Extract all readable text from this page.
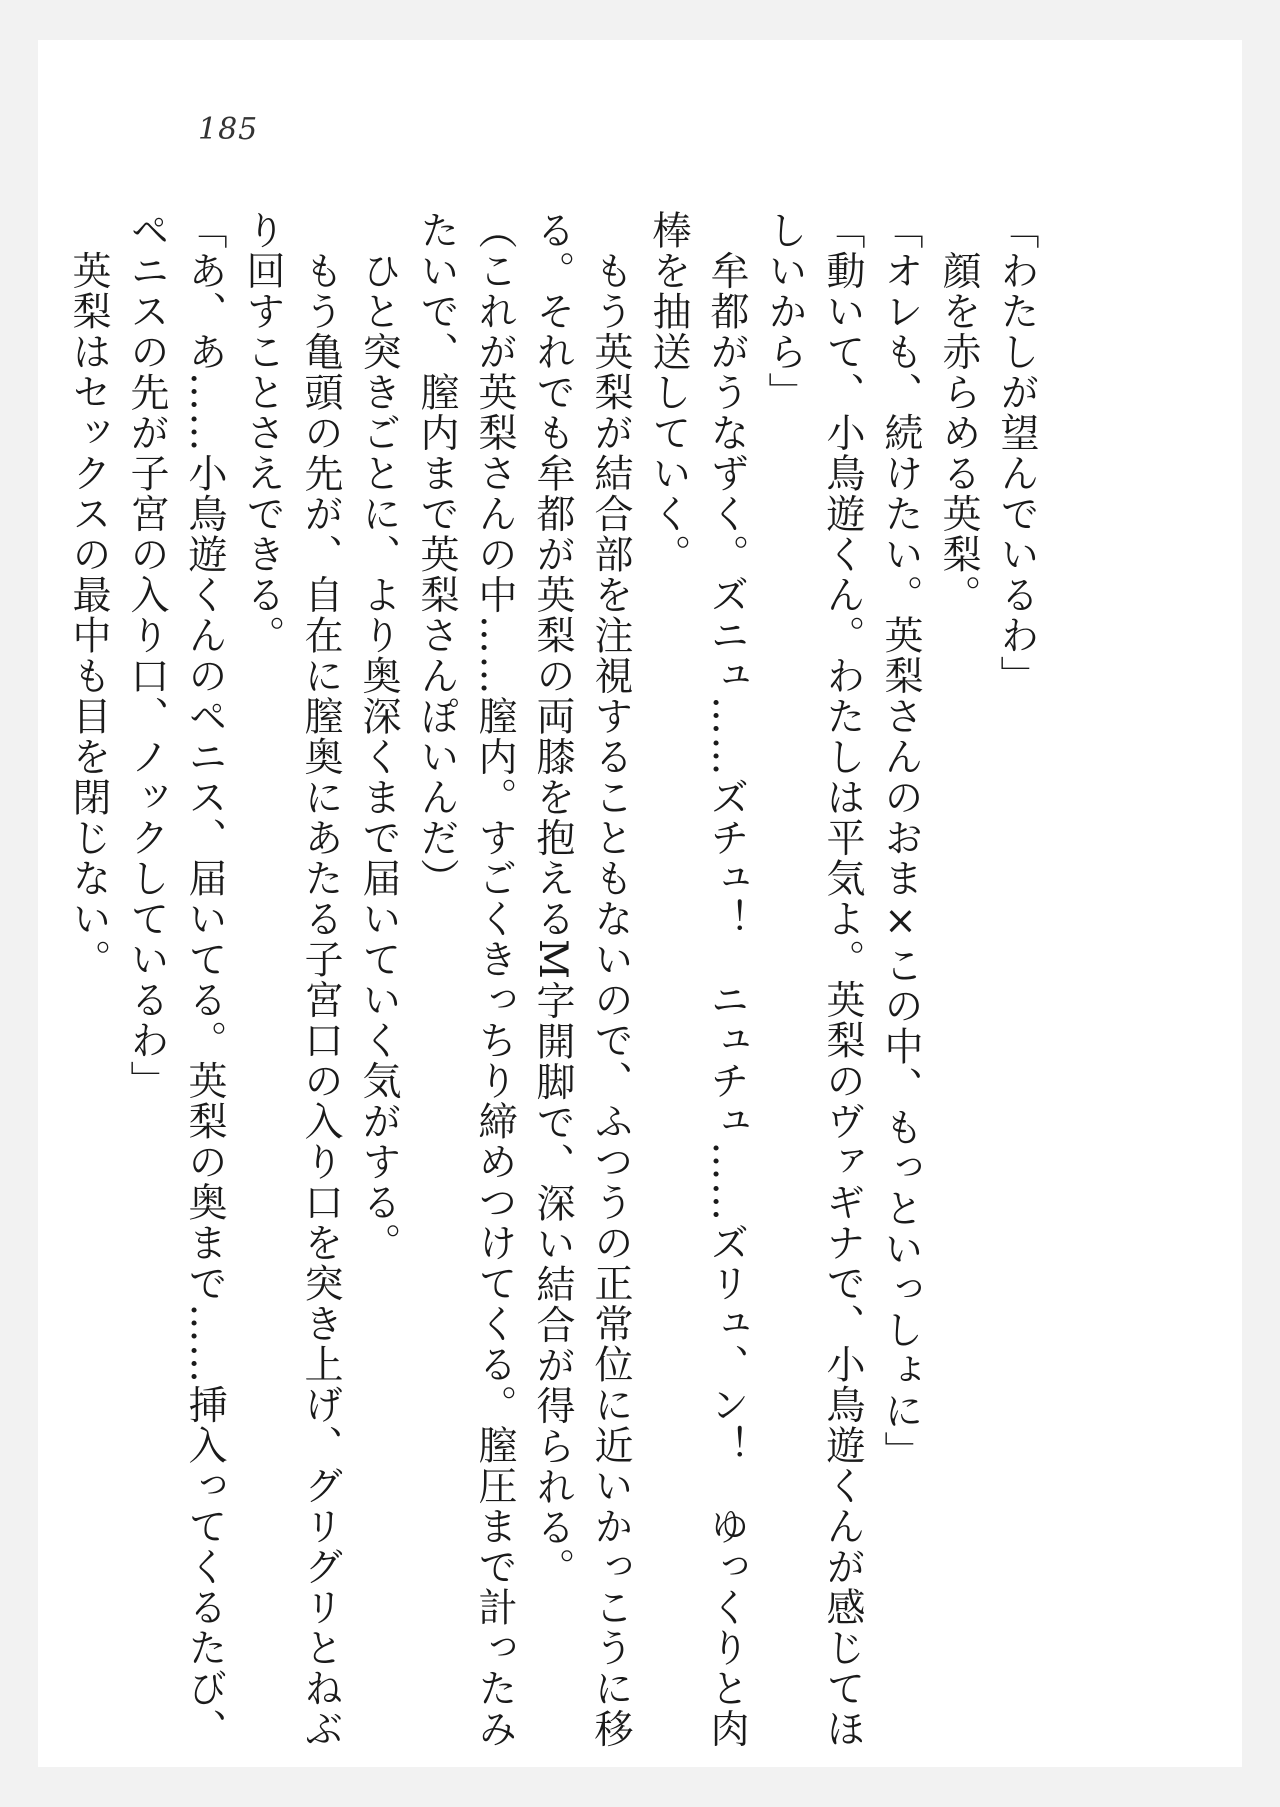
185
「わたしが望んでいるわ」
　顔を赤らめる英梨。
「オレも、続けたい。英梨さんのおま×この中、もっといっしょに」
「動いて、小鳥遊くん。わたしは平気よ。英梨のヴァギナで、小鳥遊くんが感じてほ
しいから」
　牟都がうなずく。ズニュ……ズチュ！　ニュチュ……ズリュ、ン！　ゆっくりと肉
棒を抽送していく。
　もう英梨が結合部を注視することもないので、ふつうの正常位に近いかっこうに移
る。それでも牟都が英梨の両膝を抱えるM字開脚で、深い結合が得られる。
（これが英梨さんの中……膣内。すごくきっちり締めつけてくる。膣圧まで計ったみ
たいで、膣内まで英梨さんぽいんだ）
　ひと突きごとに、より奥深くまで届いていく気がする。
　もう亀頭の先が、自在に膣奥にあたる子宮口の入り口を突き上げ、グリグリとねぶ
り回すことさえできる。
「あ、あ……小鳥遊くんのペニス、届いてる。英梨の奥まで……挿入ってくるたび、
ペニスの先が子宮の入り口、ノックしているわ」
　英梨はセックスの最中も目を閉じない。
